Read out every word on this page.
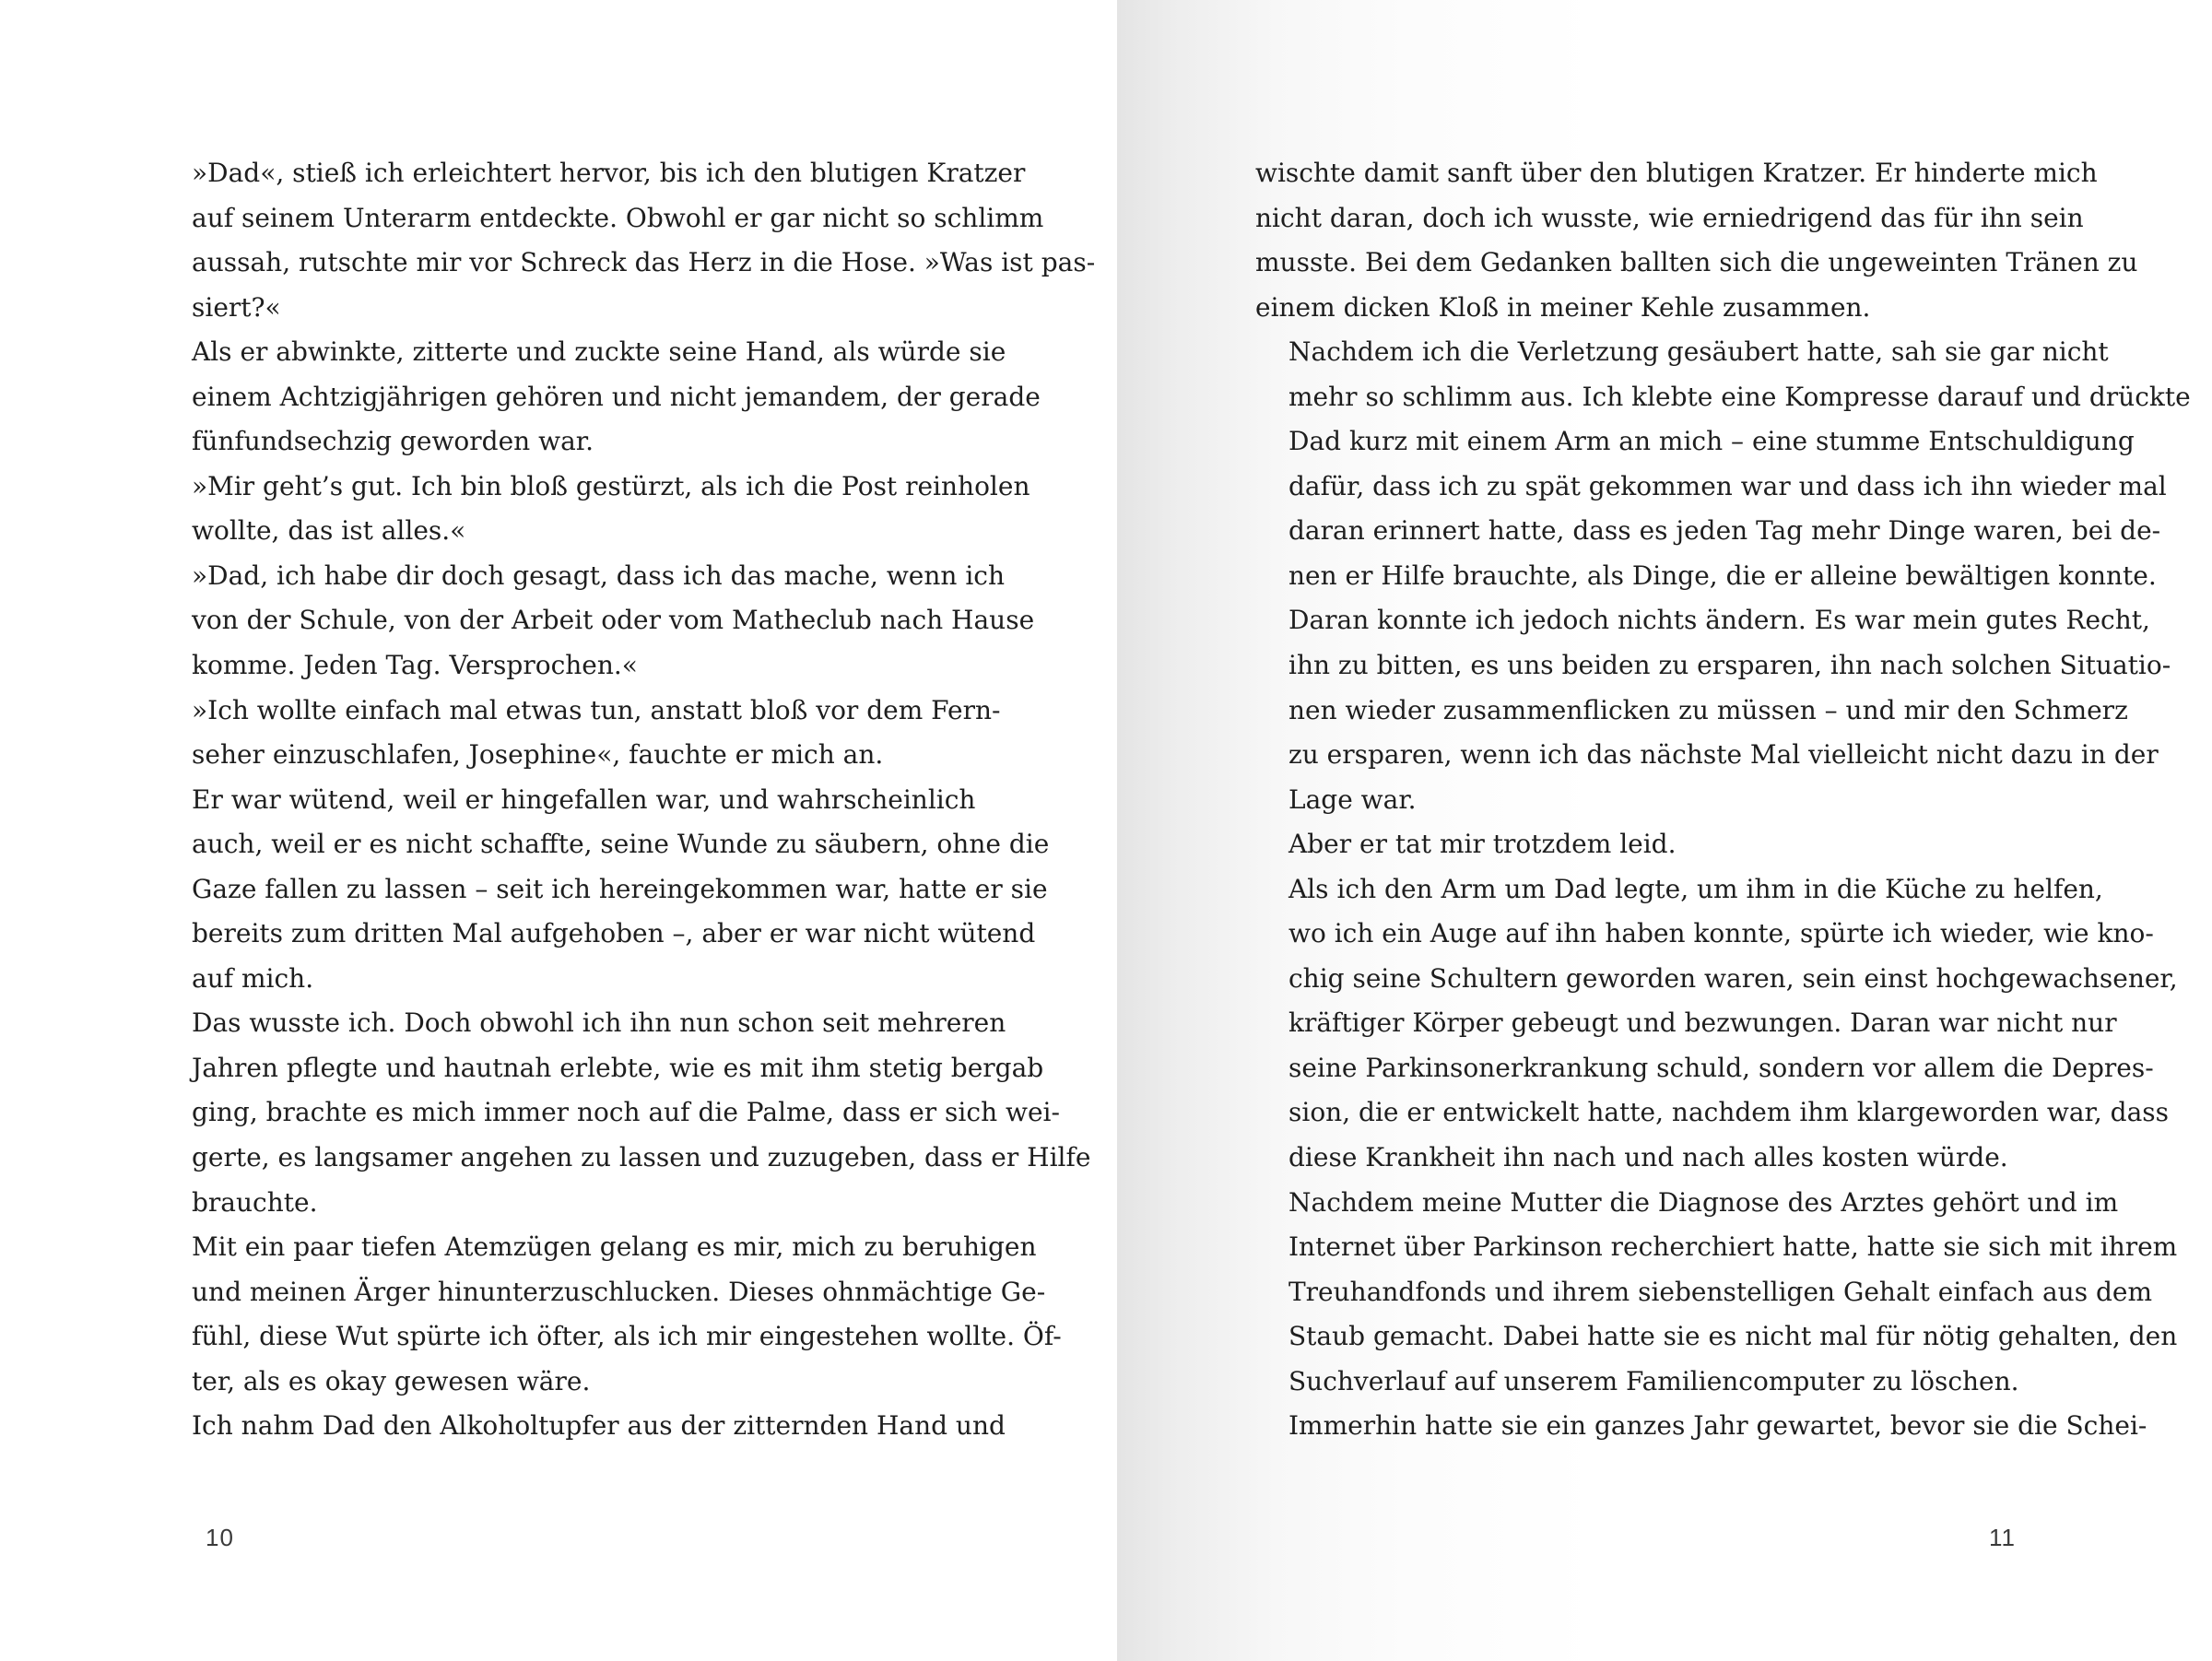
»Dad«, stieß ich erleichtert hervor, bis ich den blutigen Kratzer
auf seinem Unterarm entdeckte. Obwohl er gar nicht so schlimm
aussah, rutschte mir vor Schreck das Herz in die Hose. »Was ist pas-
siert?«
Als er abwinkte, zitterte und zuckte seine Hand, als würde sie
einem Achtzigjährigen gehören und nicht jemandem, der gerade
fünfundsechzig geworden war.
»Mir geht’s gut. Ich bin bloß gestürzt, als ich die Post reinholen
wollte, das ist alles.«
»Dad, ich habe dir doch gesagt, dass ich das mache, wenn ich
von der Schule, von der Arbeit oder vom Matheclub nach Hause
komme. Jeden Tag. Versprochen.«
»Ich wollte einfach mal etwas tun, anstatt bloß vor dem Fern-
seher einzuschlafen, Josephine«, fauchte er mich an.
Er war wütend, weil er hingefallen war, und wahrscheinlich
auch, weil er es nicht schaffte, seine Wunde zu säubern, ohne die
Gaze fallen zu lassen – seit ich hereingekommen war, hatte er sie
bereits zum dritten Mal aufgehoben –, aber er war nicht wütend
auf mich.
Das wusste ich. Doch obwohl ich ihn nun schon seit mehreren
Jahren pflegte und hautnah erlebte, wie es mit ihm stetig bergab
ging, brachte es mich immer noch auf die Palme, dass er sich wei-
gerte, es langsamer angehen zu lassen und zuzugeben, dass er Hilfe
brauchte.
Mit ein paar tiefen Atemzügen gelang es mir, mich zu beruhigen
und meinen Ärger hinunterzuschlucken. Dieses ohnmächtige Ge-
fühl, diese Wut spürte ich öfter, als ich mir eingestehen wollte. Öf-
ter, als es okay gewesen wäre.
Ich nahm Dad den Alkoholtupfer aus der zitternden Hand und
10
wischte damit sanft über den blutigen Kratzer. Er hinderte mich
nicht daran, doch ich wusste, wie erniedrigend das für ihn sein
musste. Bei dem Gedanken ballten sich die ungeweinten Tränen zu
einem dicken Kloß in meiner Kehle zusammen.
Nachdem ich die Verletzung gesäubert hatte, sah sie gar nicht
mehr so schlimm aus. Ich klebte eine Kompresse darauf und drückte
Dad kurz mit einem Arm an mich – eine stumme Entschuldigung
dafür, dass ich zu spät gekommen war und dass ich ihn wieder mal
daran erinnert hatte, dass es jeden Tag mehr Dinge waren, bei de-
nen er Hilfe brauchte, als Dinge, die er alleine bewältigen konnte.
Daran konnte ich jedoch nichts ändern. Es war mein gutes Recht,
ihn zu bitten, es uns beiden zu ersparen, ihn nach solchen Situatio-
nen wieder zusammenflicken zu müssen – und mir den Schmerz
zu ersparen, wenn ich das nächste Mal vielleicht nicht dazu in der
Lage war.
Aber er tat mir trotzdem leid.
Als ich den Arm um Dad legte, um ihm in die Küche zu helfen,
wo ich ein Auge auf ihn haben konnte, spürte ich wieder, wie kno-
chig seine Schultern geworden waren, sein einst hochgewachsener,
kräftiger Körper gebeugt und bezwungen. Daran war nicht nur
seine Parkinsonerkrankung schuld, sondern vor allem die Depres-
sion, die er entwickelt hatte, nachdem ihm klargeworden war, dass
diese Krankheit ihn nach und nach alles kosten würde.
Nachdem meine Mutter die Diagnose des Arztes gehört und im
Internet über Parkinson recherchiert hatte, hatte sie sich mit ihrem
Treuhandfonds und ihrem siebenstelligen Gehalt einfach aus dem
Staub gemacht. Dabei hatte sie es nicht mal für nötig gehalten, den
Suchverlauf auf unserem Familiencomputer zu löschen.
Immerhin hatte sie ein ganzes Jahr gewartet, bevor sie die Schei-
11
